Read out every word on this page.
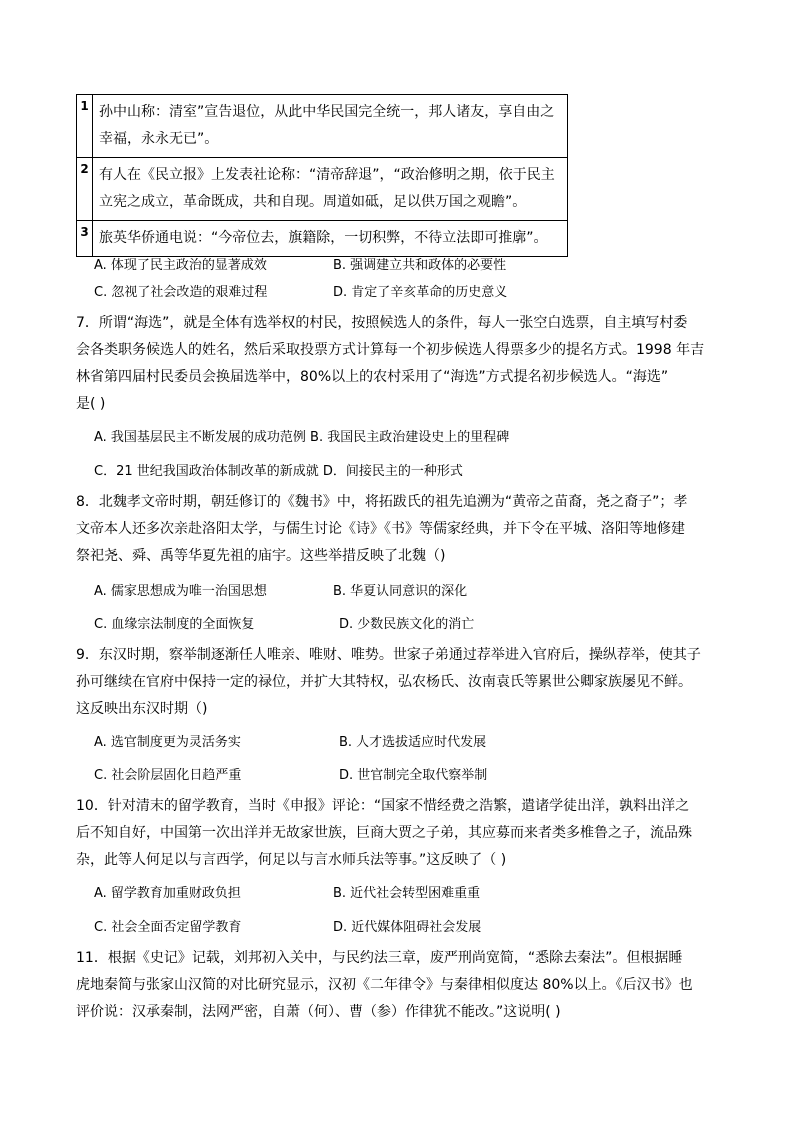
1	孙中山称：清室”宣告退位，从此中华民国完全统一，邦人诸友，享自由之幸福，永永无已”。
2	有人在《民立报》上发表社论称：“清帝辞退”，“政治修明之期，依于民主立宪之成立，革命既成，共和自现。周道如砥，足以供万国之观瞻”。
3	旅英华侨通电说：“今帝位去，旗籍除，一切积弊，不待立法即可推廓”。
A. 体现了民主政治的显著成效	B. 强调建立共和政体的必要性
C. 忽视了社会改造的艰难过程	D. 肯定了辛亥革命的历史意义
7．所谓“海选”，就是全体有选举权的村民，按照候选人的条件，每人一张空白选票，自主填写村委
会各类职务候选人的姓名，然后采取投票方式计算每一个初步候选人得票多少的提名方式。1998 年吉
林省第四届村民委员会换届选举中，80%以上的农村采用了“海选”方式提名初步候选人。“海选”
是( )
A. 我国基层民主不断发展的成功范例 B. 我国民主政治建设史上的里程碑
C．21 世纪我国政治体制改革的新成就 D．间接民主的一种形式
8．北魏孝文帝时期，朝廷修订的《魏书》中，将拓跋氏的祖先追溯为“黄帝之苗裔，尧之裔子”；孝
文帝本人还多次亲赴洛阳太学，与儒生讨论《诗》《书》等儒家经典，并下令在平城、洛阳等地修建
祭祀尧、舜、禹等华夏先祖的庙宇。这些举措反映了北魏（)
A. 儒家思想成为唯一治国思想	B. 华夏认同意识的深化
C. 血缘宗法制度的全面恢复	D. 少数民族文化的消亡
9．东汉时期，察举制逐渐任人唯亲、唯财、唯势。世家子弟通过荐举进入官府后，操纵荐举，使其子
孙可继续在官府中保持一定的禄位，并扩大其特权，弘农杨氏、汝南袁氏等累世公卿家族屡见不鲜。
这反映出东汉时期（)
A. 选官制度更为灵活务实	B. 人才选拔适应时代发展
C. 社会阶层固化日趋严重	D. 世官制完全取代察举制
10．针对清末的留学教育，当时《申报》评论：“国家不惜经费之浩繁，遣诸学徒出洋，孰料出洋之
后不知自好，中国第一次出洋并无故家世族，巨商大贾之子弟，其应募而来者类多椎鲁之子，流品殊
杂，此等人何足以与言西学，何足以与言水师兵法等事。”这反映了（ )
A. 留学教育加重财政负担	B. 近代社会转型困难重重
C. 社会全面否定留学教育	D. 近代媒体阻碍社会发展
11．根据《史记》记载，刘邦初入关中，与民约法三章，废严刑尚宽简，“悉除去秦法”。但根据睡
虎地秦简与张家山汉简的对比研究显示，汉初《二年律令》与秦律相似度达 80%以上。《后汉书》也
评价说：汉承秦制，法网严密，自萧（何）、曹（参）作律犹不能改。”这说明( )
